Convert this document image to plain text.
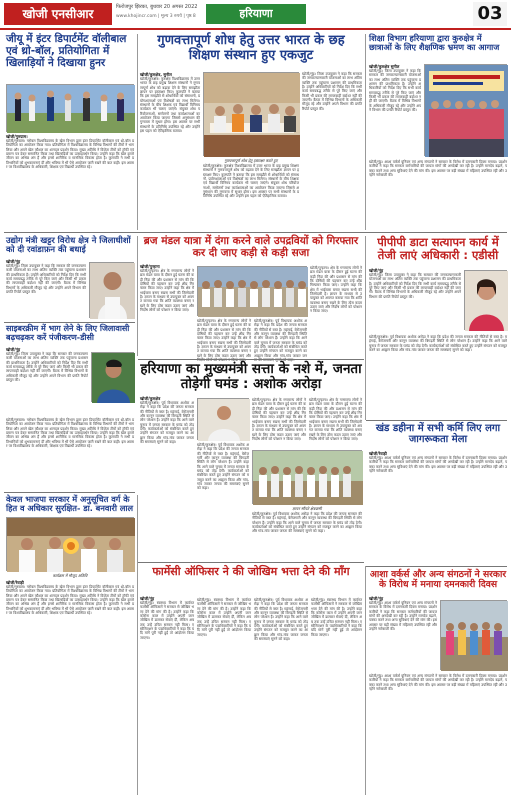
खोजी एनसीआर	फिरोजपुर झिरका, बुधवार 20 अगस्त 2022
www.khojincr.com | मूल्य 3 रुपये | पृष्ठ 8	हरियाणा	03
जीयू में इंटर डिपार्टमेंट वॉलीबाल एवं थ्रो-बॉल, प्रतियोगिता में खिलाड़ियों ने दिखाया हुनर
खोजी/गुरुग्राम।
खोजी/गुरुग्राम। ग्लोबल विश्वविद्यालय के खेल विभाग द्वारा इंटर डिपार्टमेंट वॉलीबाल एवं थ्रो-बॉल प्रतियोगिता का आयोजन किया गया। प्रतियोगिता में विश्वविद्यालय के विभिन्न विभागों की टीमों ने भाग लिया और अपने खेल कौशल का शानदार प्रदर्शन किया। मुख्य अतिथि ने विजेता टीमों को ट्रॉफी एवं प्रमाण पत्र देकर सम्मानित किया तथा खिलाड़ियों का उत्साहवर्धन किया। उन्होंने कहा कि खेल हमारे जीवन का अभिन्न अंग हैं और इनसे शारीरिक व मानसिक विकास होता है। कुलपति ने सभी प्रतिभागियों को शुभकामनाएं दीं और भविष्य में भी ऐसे आयोजन जारी रखने की बात कही। इस अवसर पर विश्वविद्यालय के अधिकारी, शिक्षक एवं विद्यार्थी उपस्थित रहे।
गुणवत्तापूर्ण शोध हेतु उत्तर भारत के छह शिक्षण संस्थान हुए एकजुट
खोजी/कुरुक्षेत्र, सुनील
खोजी/कुरुक्षेत्र। कुरुक्षेत्र विश्वविद्यालय में उत्तर भारत के छह प्रमुख शिक्षण संस्थानों ने गुणवत्तापूर्ण शोध को बढ़ावा देने के लिए समझौता ज्ञापन पर हस्ताक्षर किए। कुलपति ने बताया कि इस समझौते से शोधार्थियों को संसाधनों, प्रयोगशालाओं एवं विशेषज्ञों का लाभ मिलेगा। संस्थानों के बीच शिक्षक एवं विद्यार्थी विनिमय कार्यक्रम भी चलाए जाएंगे। संयुक्त शोध परियोजनाओं, सम्मेलनों तथा कार्यशालाओं का आयोजन किया जाएगा जिससे अनुसंधान की गुणवत्ता में सुधार होगा। इस अवसर पर सभी संस्थानों के प्रतिनिधि उपस्थित रहे और उन्होंने इस पहल को ऐतिहासिक बताया।
गुणवत्तापूर्ण शोध हेतु हस्ताक्षर करते हुए
खोजी/कुरुक्षेत्र। कुरुक्षेत्र विश्वविद्यालय में उत्तर भारत के छह प्रमुख शिक्षण संस्थानों ने गुणवत्तापूर्ण शोध को बढ़ावा देने के लिए समझौता ज्ञापन पर हस्ताक्षर किए। कुलपति ने बताया कि इस समझौते से शोधार्थियों को संसाधनों, प्रयोगशालाओं एवं विशेषज्ञों का लाभ मिलेगा। संस्थानों के बीच शिक्षक एवं विद्यार्थी विनिमय कार्यक्रम भी चलाए जाएंगे। संयुक्त शोध परियोजनाओं, सम्मेलनों तथा कार्यशालाओं का आयोजन किया जाएगा जिससे अनुसंधान की गुणवत्ता में सुधार होगा। इस अवसर पर सभी संस्थानों के प्रतिनिधि उपस्थित रहे और उन्होंने इस पहल को ऐतिहासिक बताया।
खोजी/नूंह। जिला उपायुक्त ने कहा कि सरकार की जनकल्याणकारी योजनाओं का लाभ अंतिम व्यक्ति तक पहुंचाना प्रशासन की प्राथमिकता है। उन्होंने अधिकारियों को निर्देश दिए कि सभी कार्य समयबद्ध तरीके से पूरे किए जाएं और किसी भी प्रकार की लापरवाही बर्दाश्त नहीं की जाएगी। बैठक में विभिन्न विभागों के अधिकारी मौजूद रहे और उन्होंने अपने विभाग की प्रगति रिपोर्ट प्रस्तुत की।
शिक्षा विभाग हरियाणा द्वारा कुरुक्षेत्र में छात्राओं के लिए शैक्षणिक भ्रमण का आगाज
खोजी/कुरुक्षेत्र सुनील
खोजी/नूंह। जिला उपायुक्त ने कहा कि सरकार की जनकल्याणकारी योजनाओं का लाभ अंतिम व्यक्ति तक पहुंचाना प्रशासन की प्राथमिकता है। उन्होंने अधिकारियों को निर्देश दिए कि सभी कार्य समयबद्ध तरीके से पूरे किए जाएं और किसी भी प्रकार की लापरवाही बर्दाश्त नहीं की जाएगी। बैठक में विभिन्न विभागों के अधिकारी मौजूद रहे और उन्होंने अपने विभाग की प्रगति रिपोर्ट प्रस्तुत की।
खोजी/नूंह। आशा वर्कर्स यूनियन एवं अन्य संगठनों ने सरकार के विरोध में दमनकारी दिवस मनाया। प्रदर्शनकारियों ने कहा कि सरकार कर्मचारियों की जायज मांगों की अनदेखी कर रही है। उन्होंने मानदेय बढ़ाने, पक्का करने तथा अन्य सुविधाएं देने की मांग की। इस अवसर पर बड़ी संख्या में महिलाएं उपस्थित रहीं और उन्होंने नारेबाजी की।
उद्योग मंत्री खट्टर विरोध क्षेत्र ने जिलाधीशों को दी रवांडाफ़न की बधाई
खोजी/नूंह
खोजी/नूंह। जिला उपायुक्त ने कहा कि सरकार की जनकल्याणकारी योजनाओं का लाभ अंतिम व्यक्ति तक पहुंचाना प्रशासन की प्राथमिकता है। उन्होंने अधिकारियों को निर्देश दिए कि सभी कार्य समयबद्ध तरीके से पूरे किए जाएं और किसी भी प्रकार की लापरवाही बर्दाश्त नहीं की जाएगी। बैठक में विभिन्न विभागों के अधिकारी मौजूद रहे और उन्होंने अपने विभाग की प्रगति रिपोर्ट प्रस्तुत की।
ब्रज मंडल यात्रा में दंगा करने वाले उपद्रवियों को गिरफ्तार कर दी जाए कड़ी से कड़ी सजा
खोजी/पुन्हाना
खोजी/पुन्हाना। क्षेत्र के गणमान्य लोगों ने ब्रज मंडल यात्रा के दौरान हुई घटना की कड़ी निंदा की और प्रशासन से मांग की कि दोषियों की पहचान कर उन्हें शीघ्र गिरफ्तार किया जाए। उन्होंने कहा कि क्षेत्र में भाईचारा बनाए रखना सभी की जिम्मेदारी है। ज्ञापन के माध्यम से उपायुक्त को अवगत कराया गया कि शांति व्यवस्था बनाए रखने के लिए ठोस कदम उठाए जाएं और निर्दोष लोगों को परेशान न किया जाए।
खोजी/पुन्हाना। क्षेत्र के गणमान्य लोगों ने ब्रज मंडल यात्रा के दौरान हुई घटना की कड़ी निंदा की और प्रशासन से मांग की कि दोषियों की पहचान कर उन्हें शीघ्र गिरफ्तार किया जाए। उन्होंने कहा कि क्षेत्र में भाईचारा बनाए रखना सभी की जिम्मेदारी है। ज्ञापन के माध्यम से उपायुक्त को अवगत कराया गया कि शांति व्यवस्था बनाए रखने के लिए ठोस कदम उठाए जाएं और निर्दोष लोगों को परेशान न किया जाए।
खोजी/कुरुक्षेत्र। पूर्व विधायक अशोक अरोड़ा ने कहा कि प्रदेश की जनता सरकार की नीतियों से त्रस्त है। महंगाई, बेरोजगारी और कानून व्यवस्था की बिगड़ती स्थिति से लोग परेशान हैं। उन्होंने कहा कि आने वाले चुनाव में जनता सरकार के घमंड को तोड़ देगी। कार्यकर्ताओं को संबोधित करते हुए उन्होंने संगठन को मजबूत करने का आह्वान किया और गांव-गांव जाकर जनता की समस्याएं सुनने को कहा।
खोजी/पुन्हाना। क्षेत्र के गणमान्य लोगों ने ब्रज मंडल यात्रा के दौरान हुई घटना की कड़ी निंदा की और प्रशासन से मांग की कि दोषियों की पहचान कर उन्हें शीघ्र गिरफ्तार किया जाए। उन्होंने कहा कि क्षेत्र में भाईचारा बनाए रखना सभी की जिम्मेदारी है। ज्ञापन के माध्यम से उपायुक्त को अवगत कराया गया कि शांति व्यवस्था बनाए रखने के लिए ठोस कदम उठाए जाएं और निर्दोष लोगों को परेशान न किया जाए।
पीपीपी डाटा सत्यापन कार्य में तेजी लाएं अधिकारी : एडीसी
खोजी/नूंह
खोजी/नूंह। जिला उपायुक्त ने कहा कि सरकार की जनकल्याणकारी योजनाओं का लाभ अंतिम व्यक्ति तक पहुंचाना प्रशासन की प्राथमिकता है। उन्होंने अधिकारियों को निर्देश दिए कि सभी कार्य समयबद्ध तरीके से पूरे किए जाएं और किसी भी प्रकार की लापरवाही बर्दाश्त नहीं की जाएगी। बैठक में विभिन्न विभागों के अधिकारी मौजूद रहे और उन्होंने अपने विभाग की प्रगति रिपोर्ट प्रस्तुत की।
खोजी/कुरुक्षेत्र। पूर्व विधायक अशोक अरोड़ा ने कहा कि प्रदेश की जनता सरकार की नीतियों से त्रस्त है। महंगाई, बेरोजगारी और कानून व्यवस्था की बिगड़ती स्थिति से लोग परेशान हैं। उन्होंने कहा कि आने वाले चुनाव में जनता सरकार के घमंड को तोड़ देगी। कार्यकर्ताओं को संबोधित करते हुए उन्होंने संगठन को मजबूत करने का आह्वान किया और गांव-गांव जाकर जनता की समस्याएं सुनने को कहा।
साइबरक्रीम में भाग लेने के लिए जिलावासी बढ़चढ़कर करें पंजीकरण-डीसी
खोजी/नूंह
खोजी/नूंह। जिला उपायुक्त ने कहा कि सरकार की जनकल्याणकारी योजनाओं का लाभ अंतिम व्यक्ति तक पहुंचाना प्रशासन की प्राथमिकता है। उन्होंने अधिकारियों को निर्देश दिए कि सभी कार्य समयबद्ध तरीके से पूरे किए जाएं और किसी भी प्रकार की लापरवाही बर्दाश्त नहीं की जाएगी। बैठक में विभिन्न विभागों के अधिकारी मौजूद रहे और उन्होंने अपने विभाग की प्रगति रिपोर्ट प्रस्तुत की।
खोजी/गुरुग्राम। ग्लोबल विश्वविद्यालय के खेल विभाग द्वारा इंटर डिपार्टमेंट वॉलीबाल एवं थ्रो-बॉल प्रतियोगिता का आयोजन किया गया। प्रतियोगिता में विश्वविद्यालय के विभिन्न विभागों की टीमों ने भाग लिया और अपने खेल कौशल का शानदार प्रदर्शन किया। मुख्य अतिथि ने विजेता टीमों को ट्रॉफी एवं प्रमाण पत्र देकर सम्मानित किया तथा खिलाड़ियों का उत्साहवर्धन किया। उन्होंने कहा कि खेल हमारे जीवन का अभिन्न अंग हैं और इनसे शारीरिक व मानसिक विकास होता है। कुलपति ने सभी प्रतिभागियों को शुभकामनाएं दीं और भविष्य में भी ऐसे आयोजन जारी रखने की बात कही। इस अवसर पर विश्वविद्यालय के अधिकारी, शिक्षक एवं विद्यार्थी उपस्थित रहे।
हरियाणा का मुख्यमंत्री सत्ता के नशे में, जनता तोड़ेगी घमंड : अशोक अरोड़ा
खोजी/कुरुक्षेत्र
खोजी/कुरुक्षेत्र। पूर्व विधायक अशोक अरोड़ा ने कहा कि प्रदेश की जनता सरकार की नीतियों से त्रस्त है। महंगाई, बेरोजगारी और कानून व्यवस्था की बिगड़ती स्थिति से लोग परेशान हैं। उन्होंने कहा कि आने वाले चुनाव में जनता सरकार के घमंड को तोड़ देगी। कार्यकर्ताओं को संबोधित करते हुए उन्होंने संगठन को मजबूत करने का आह्वान किया और गांव-गांव जाकर जनता की समस्याएं सुनने को कहा।
खोजी/कुरुक्षेत्र। पूर्व विधायक अशोक अरोड़ा ने कहा कि प्रदेश की जनता सरकार की नीतियों से त्रस्त है। महंगाई, बेरोजगारी और कानून व्यवस्था की बिगड़ती स्थिति से लोग परेशान हैं। उन्होंने कहा कि आने वाले चुनाव में जनता सरकार के घमंड को तोड़ देगी। कार्यकर्ताओं को संबोधित करते हुए उन्होंने संगठन को मजबूत करने का आह्वान किया और गांव-गांव जाकर जनता की समस्याएं सुनने को कहा।
खोजी/पुन्हाना। क्षेत्र के गणमान्य लोगों ने ब्रज मंडल यात्रा के दौरान हुई घटना की कड़ी निंदा की और प्रशासन से मांग की कि दोषियों की पहचान कर उन्हें शीघ्र गिरफ्तार किया जाए। उन्होंने कहा कि क्षेत्र में भाईचारा बनाए रखना सभी की जिम्मेदारी है। ज्ञापन के माध्यम से उपायुक्त को अवगत कराया गया कि शांति व्यवस्था बनाए रखने के लिए ठोस कदम उठाए जाएं और निर्दोष लोगों को परेशान न किया जाए।
ज्ञापन सौंपते क्षेत्रवासी
खोजी/पुन्हाना। क्षेत्र के गणमान्य लोगों ने ब्रज मंडल यात्रा के दौरान हुई घटना की कड़ी निंदा की और प्रशासन से मांग की कि दोषियों की पहचान कर उन्हें शीघ्र गिरफ्तार किया जाए। उन्होंने कहा कि क्षेत्र में भाईचारा बनाए रखना सभी की जिम्मेदारी है। ज्ञापन के माध्यम से उपायुक्त को अवगत कराया गया कि शांति व्यवस्था बनाए रखने के लिए ठोस कदम उठाए जाएं और निर्दोष लोगों को परेशान न किया जाए।
खोजी/कुरुक्षेत्र। पूर्व विधायक अशोक अरोड़ा ने कहा कि प्रदेश की जनता सरकार की नीतियों से त्रस्त है। महंगाई, बेरोजगारी और कानून व्यवस्था की बिगड़ती स्थिति से लोग परेशान हैं। उन्होंने कहा कि आने वाले चुनाव में जनता सरकार के घमंड को तोड़ देगी। कार्यकर्ताओं को संबोधित करते हुए उन्होंने संगठन को मजबूत करने का आह्वान किया और गांव-गांव जाकर जनता की समस्याएं सुनने को कहा।
खंड डहीना में सभी कर्मि लिए लगा जागरूकता मेला
खोजी/रेवाड़ी
खोजी/नूंह। आशा वर्कर्स यूनियन एवं अन्य संगठनों ने सरकार के विरोध में दमनकारी दिवस मनाया। प्रदर्शनकारियों ने कहा कि सरकार कर्मचारियों की जायज मांगों की अनदेखी कर रही है। उन्होंने मानदेय बढ़ाने, पक्का करने तथा अन्य सुविधाएं देने की मांग की। इस अवसर पर बड़ी संख्या में महिलाएं उपस्थित रहीं और उन्होंने नारेबाजी की।
केवल भाजपा सरकार में अनुसूचित वर्ग के हित व अधिकार सुरक्षित- डा. बनवारी लाल
कार्यक्रम में मौजूद अतिथि
खोजी/रेवाड़ी
खोजी/गुरुग्राम। ग्लोबल विश्वविद्यालय के खेल विभाग द्वारा इंटर डिपार्टमेंट वॉलीबाल एवं थ्रो-बॉल प्रतियोगिता का आयोजन किया गया। प्रतियोगिता में विश्वविद्यालय के विभिन्न विभागों की टीमों ने भाग लिया और अपने खेल कौशल का शानदार प्रदर्शन किया। मुख्य अतिथि ने विजेता टीमों को ट्रॉफी एवं प्रमाण पत्र देकर सम्मानित किया तथा खिलाड़ियों का उत्साहवर्धन किया। उन्होंने कहा कि खेल हमारे जीवन का अभिन्न अंग हैं और इनसे शारीरिक व मानसिक विकास होता है। कुलपति ने सभी प्रतिभागियों को शुभकामनाएं दीं और भविष्य में भी ऐसे आयोजन जारी रखने की बात कही। इस अवसर पर विश्वविद्यालय के अधिकारी, शिक्षक एवं विद्यार्थी उपस्थित रहे।
फार्मेसी ऑफिसर ने की जोखिम भत्ता देने की माँग
खोजी/नूंह
खोजी/नूंह। स्वास्थ्य विभाग में कार्यरत फार्मेसी ऑफिसरों ने सरकार से जोखिम भत्ता देने की मांग की है। उन्होंने कहा कि कोरोना काल में उन्होंने अपनी जान जोखिम में डालकर सेवाएं दीं, लेकिन अब तक उन्हें उचित सम्मान नहीं मिला। एसोसिएशन के पदाधिकारियों ने कहा कि यदि मांगें पूरी नहीं हुईं तो आंदोलन किया जाएगा।
खोजी/नूंह। स्वास्थ्य विभाग में कार्यरत फार्मेसी ऑफिसरों ने सरकार से जोखिम भत्ता देने की मांग की है। उन्होंने कहा कि कोरोना काल में उन्होंने अपनी जान जोखिम में डालकर सेवाएं दीं, लेकिन अब तक उन्हें उचित सम्मान नहीं मिला। एसोसिएशन के पदाधिकारियों ने कहा कि यदि मांगें पूरी नहीं हुईं तो आंदोलन किया जाएगा।
खोजी/कुरुक्षेत्र। पूर्व विधायक अशोक अरोड़ा ने कहा कि प्रदेश की जनता सरकार की नीतियों से त्रस्त है। महंगाई, बेरोजगारी और कानून व्यवस्था की बिगड़ती स्थिति से लोग परेशान हैं। उन्होंने कहा कि आने वाले चुनाव में जनता सरकार के घमंड को तोड़ देगी। कार्यकर्ताओं को संबोधित करते हुए उन्होंने संगठन को मजबूत करने का आह्वान किया और गांव-गांव जाकर जनता की समस्याएं सुनने को कहा।
खोजी/नूंह। स्वास्थ्य विभाग में कार्यरत फार्मेसी ऑफिसरों ने सरकार से जोखिम भत्ता देने की मांग की है। उन्होंने कहा कि कोरोना काल में उन्होंने अपनी जान जोखिम में डालकर सेवाएं दीं, लेकिन अब तक उन्हें उचित सम्मान नहीं मिला। एसोसिएशन के पदाधिकारियों ने कहा कि यदि मांगें पूरी नहीं हुईं तो आंदोलन किया जाएगा।
आशा वर्कर्स और अन्य संगठनों ने सरकार के विरोध में मनाया दमनकारी दिवस
खोजी/नूंह
खोजी/नूंह। आशा वर्कर्स यूनियन एवं अन्य संगठनों ने सरकार के विरोध में दमनकारी दिवस मनाया। प्रदर्शनकारियों ने कहा कि सरकार कर्मचारियों की जायज मांगों की अनदेखी कर रही है। उन्होंने मानदेय बढ़ाने, पक्का करने तथा अन्य सुविधाएं देने की मांग की। इस अवसर पर बड़ी संख्या में महिलाएं उपस्थित रहीं और उन्होंने नारेबाजी की।
खोजी/नूंह। आशा वर्कर्स यूनियन एवं अन्य संगठनों ने सरकार के विरोध में दमनकारी दिवस मनाया। प्रदर्शनकारियों ने कहा कि सरकार कर्मचारियों की जायज मांगों की अनदेखी कर रही है। उन्होंने मानदेय बढ़ाने, पक्का करने तथा अन्य सुविधाएं देने की मांग की। इस अवसर पर बड़ी संख्या में महिलाएं उपस्थित रहीं और उन्होंने नारेबाजी की।
